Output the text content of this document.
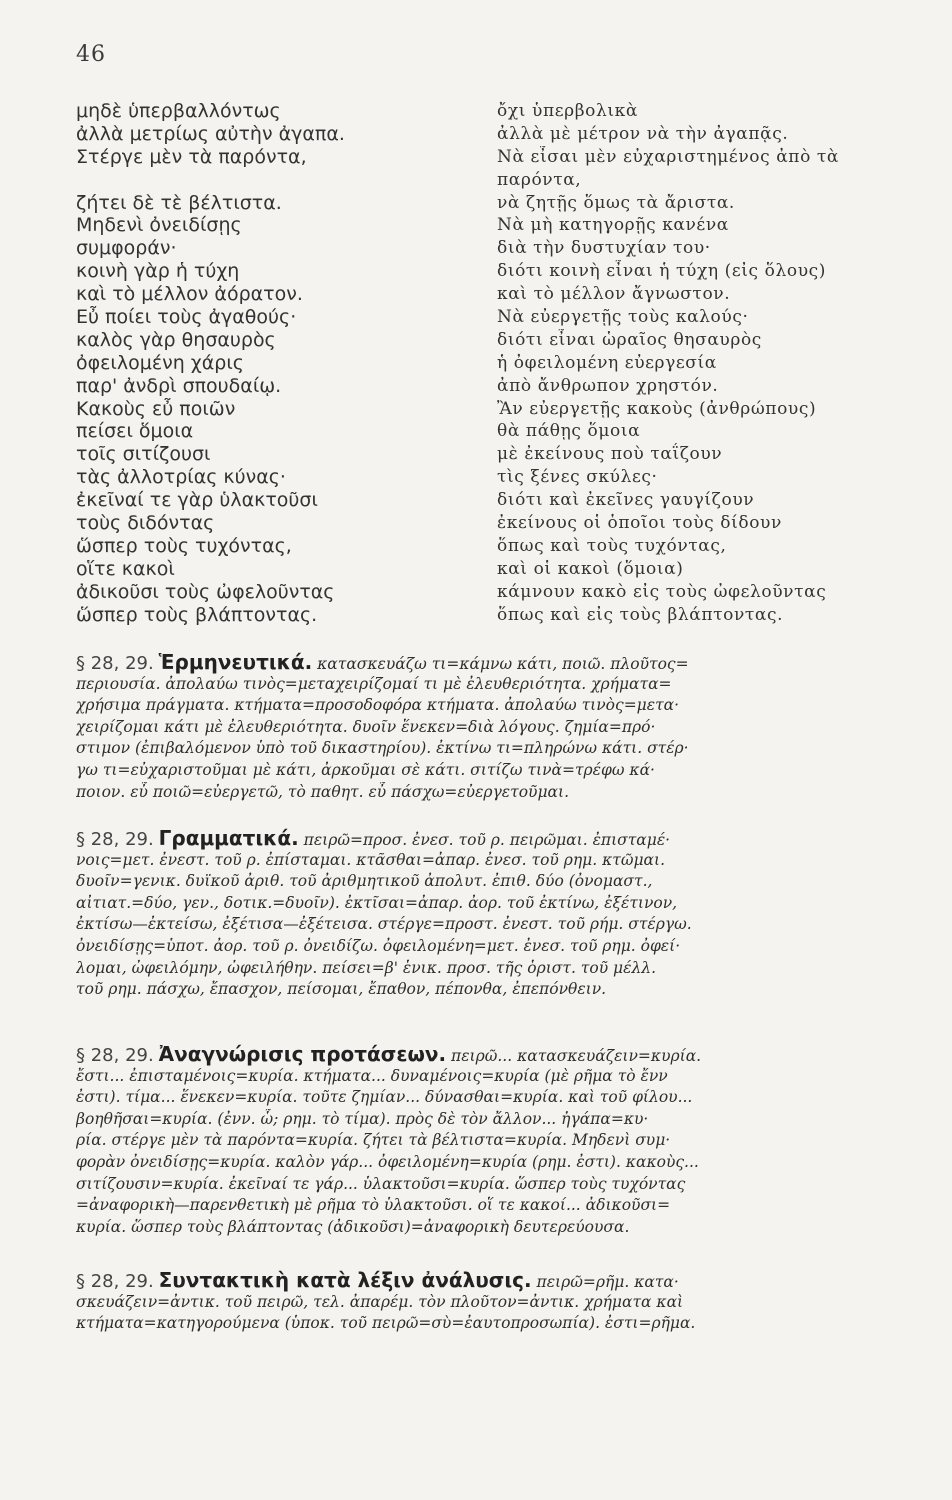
46
μηδὲ ὑπερβαλλόντως
ἀλλὰ μετρίως αὐτὴν ἀγαπα.
Στέργε μὲν τὰ παρόντα,
ζήτει δὲ τὲ βέλτιστα.
Μηδενὶ ὀνειδίσῃς
συμφοράν·
κοινὴ γὰρ ἡ τύχη
καὶ τὸ μέλλον ἀόρατον.
Εὖ ποίει τοὺς ἀγαθούς·
καλὸς γὰρ θησαυρὸς
ὀφειλομένη χάρις
παρ' ἀνδρὶ σπουδαίῳ.
Κακοὺς εὖ ποιῶν
πείσει ὅμοια
τοῖς σιτίζουσι
τὰς ἀλλοτρίας κύνας·
ἐκεῖναί τε γὰρ ὑλακτοῦσι
τοὺς διδόντας
ὥσπερ τοὺς τυχόντας,
οἵτε κακοὶ
ἀδικοῦσι τοὺς ὠφελοῦντας
ὥσπερ τοὺς βλάπτοντας.
ὄχι ὑπερβολικὰ
ἀλλὰ μὲ μέτρον νὰ τὴν ἀγαπᾷς.
Νὰ εἶσαι μὲν εὐχαριστημένος ἀπὸ τὰ
παρόντα,
νὰ ζητῇς ὅμως τὰ ἄριστα.
Νὰ μὴ κατηγορῇς κανένα
διὰ τὴν δυστυχίαν του·
διότι κοινὴ εἶναι ἡ τύχη (εἰς ὅλους)
καὶ τὸ μέλλον ἄγνωστον.
Νὰ εὐεργετῇς τοὺς καλούς·
διότι εἶναι ὡραῖος θησαυρὸς
ἡ ὀφειλομένη εὐεργεσία
ἀπὸ ἄνθρωπον χρηστόν.
Ἂν εὐεργετῇς κακοὺς (ἀνθρώπους)
θὰ πάθῃς ὅμοια
μὲ ἐκείνους ποὺ ταΐζουν
τὶς ξένες σκύλες·
διότι καὶ ἐκεῖνες γαυγίζουν
ἐκείνους οἱ ὁποῖοι τοὺς δίδουν
ὅπως καὶ τοὺς τυχόντας,
καὶ οἱ κακοὶ (ὅμοια)
κάμνουν κακὸ εἰς τοὺς ὠφελοῦντας
ὅπως καὶ εἰς τοὺς βλάπτοντας.
§ 28, 29. Ἑρμηνευτικά. κατασκευάζω τι=κάμνω κάτι, ποιῶ. πλοῦτος=
περιουσία. ἀπολαύω τινὸς=μεταχειρίζομαί τι μὲ ἐλευθεριότητα. χρήματα=
χρήσιμα πράγματα. κτήματα=προσοδοφόρα κτήματα. ἀπολαύω τινὸς=μετα·
χειρίζομαι κάτι μὲ ἐλευθεριότητα. δυοῖν ἕνεκεν=διὰ λόγους. ζημία=πρό·
στιμον (ἐπιβαλόμενον ὑπὸ τοῦ δικαστηρίου). ἐκτίνω τι=πληρώνω κάτι. στέρ·
γω τι=εὐχαριστοῦμαι μὲ κάτι, ἀρκοῦμαι σὲ κάτι. σιτίζω τινὰ=τρέφω κά·
ποιον. εὖ ποιῶ=εὐεργετῶ, τὸ παθητ. εὖ πάσχω=εὐεργετοῦμαι.
§ 28, 29. Γραμματικά. πειρῶ=προσ. ἐνεσ. τοῦ ρ. πειρῶμαι. ἐπισταμέ·
νοις=μετ. ἐνεστ. τοῦ ρ. ἐπίσταμαι. κτᾶσθαι=ἀπαρ. ἐνεσ. τοῦ ρημ. κτῶμαι.
δυοῖν=γενικ. δυϊκοῦ ἀριθ. τοῦ ἀριθμητικοῦ ἀπολυτ. ἐπιθ. δύο (ὀνομαστ.,
αἰτιατ.=δύο, γεν., δοτικ.=δυοῖν). ἐκτῖσαι=ἀπαρ. ἀορ. τοῦ ἐκτίνω, ἐξέτινον,
ἐκτίσω—ἐκτείσω, ἐξέτισα—ἐξέτεισα. στέργε=προστ. ἐνεστ. τοῦ ρήμ. στέργω.
ὀνειδίσῃς=ὑποτ. ἀορ. τοῦ ρ. ὀνειδίζω. ὀφειλομένη=μετ. ἐνεσ. τοῦ ρημ. ὀφεί·
λομαι, ὠφειλόμην, ὠφειλήθην. πείσει=β' ἑνικ. προσ. τῆς ὁριστ. τοῦ μέλλ.
τοῦ ρημ. πάσχω, ἔπασχον, πείσομαι, ἔπαθον, πέπονθα, ἐπεπόνθειν.
§ 28, 29. Ἀναγνώρισις προτάσεων. πειρῶ... κατασκευάζειν=κυρία.
ἔστι... ἐπισταμένοις=κυρία. κτήματα... δυναμένοις=κυρία (μὲ ρῆμα τὸ ἔνν
ἐστι). τίμα... ἕνεκεν=κυρία. τοῦτε ζημίαν... δύνασθαι=κυρία. καὶ τοῦ φίλου...
βοηθῆσαι=κυρία. (ἐνν. ὧ; ρημ. τὸ τίμα). πρὸς δὲ τὸν ἄλλον... ἠγάπα=κυ·
ρία. στέργε μὲν τὰ παρόντα=κυρία. ζήτει τὰ βέλτιστα=κυρία. Μηδενὶ συμ·
φορὰν ὀνειδίσῃς=κυρία. καλὸν γάρ... ὀφειλομένη=κυρία (ρημ. ἐστι). κακοὺς...
σιτίζουσιν=κυρία. ἐκεῖναί τε γάρ... ὑλακτοῦσι=κυρία. ὥσπερ τοὺς τυχόντας
=ἀναφορικὴ—παρενθετικὴ μὲ ρῆμα τὸ ὑλακτοῦσι. οἵ τε κακοί... ἀδικοῦσι=
κυρία. ὥσπερ τοὺς βλάπτοντας (ἀδικοῦσι)=ἀναφορικὴ δευτερεύουσα.
§ 28, 29. Συντακτικὴ κατὰ λέξιν ἀνάλυσις. πειρῶ=ρῆμ. κατα·
σκευάζειν=ἀντικ. τοῦ πειρῶ, τελ. ἀπαρέμ. τὸν πλοῦτον=ἀντικ. χρήματα καὶ
κτήματα=κατηγορούμενα (ὑποκ. τοῦ πειρῶ=σὺ=ἐαυτοπροσωπία). ἐστι=ρῆμα.
